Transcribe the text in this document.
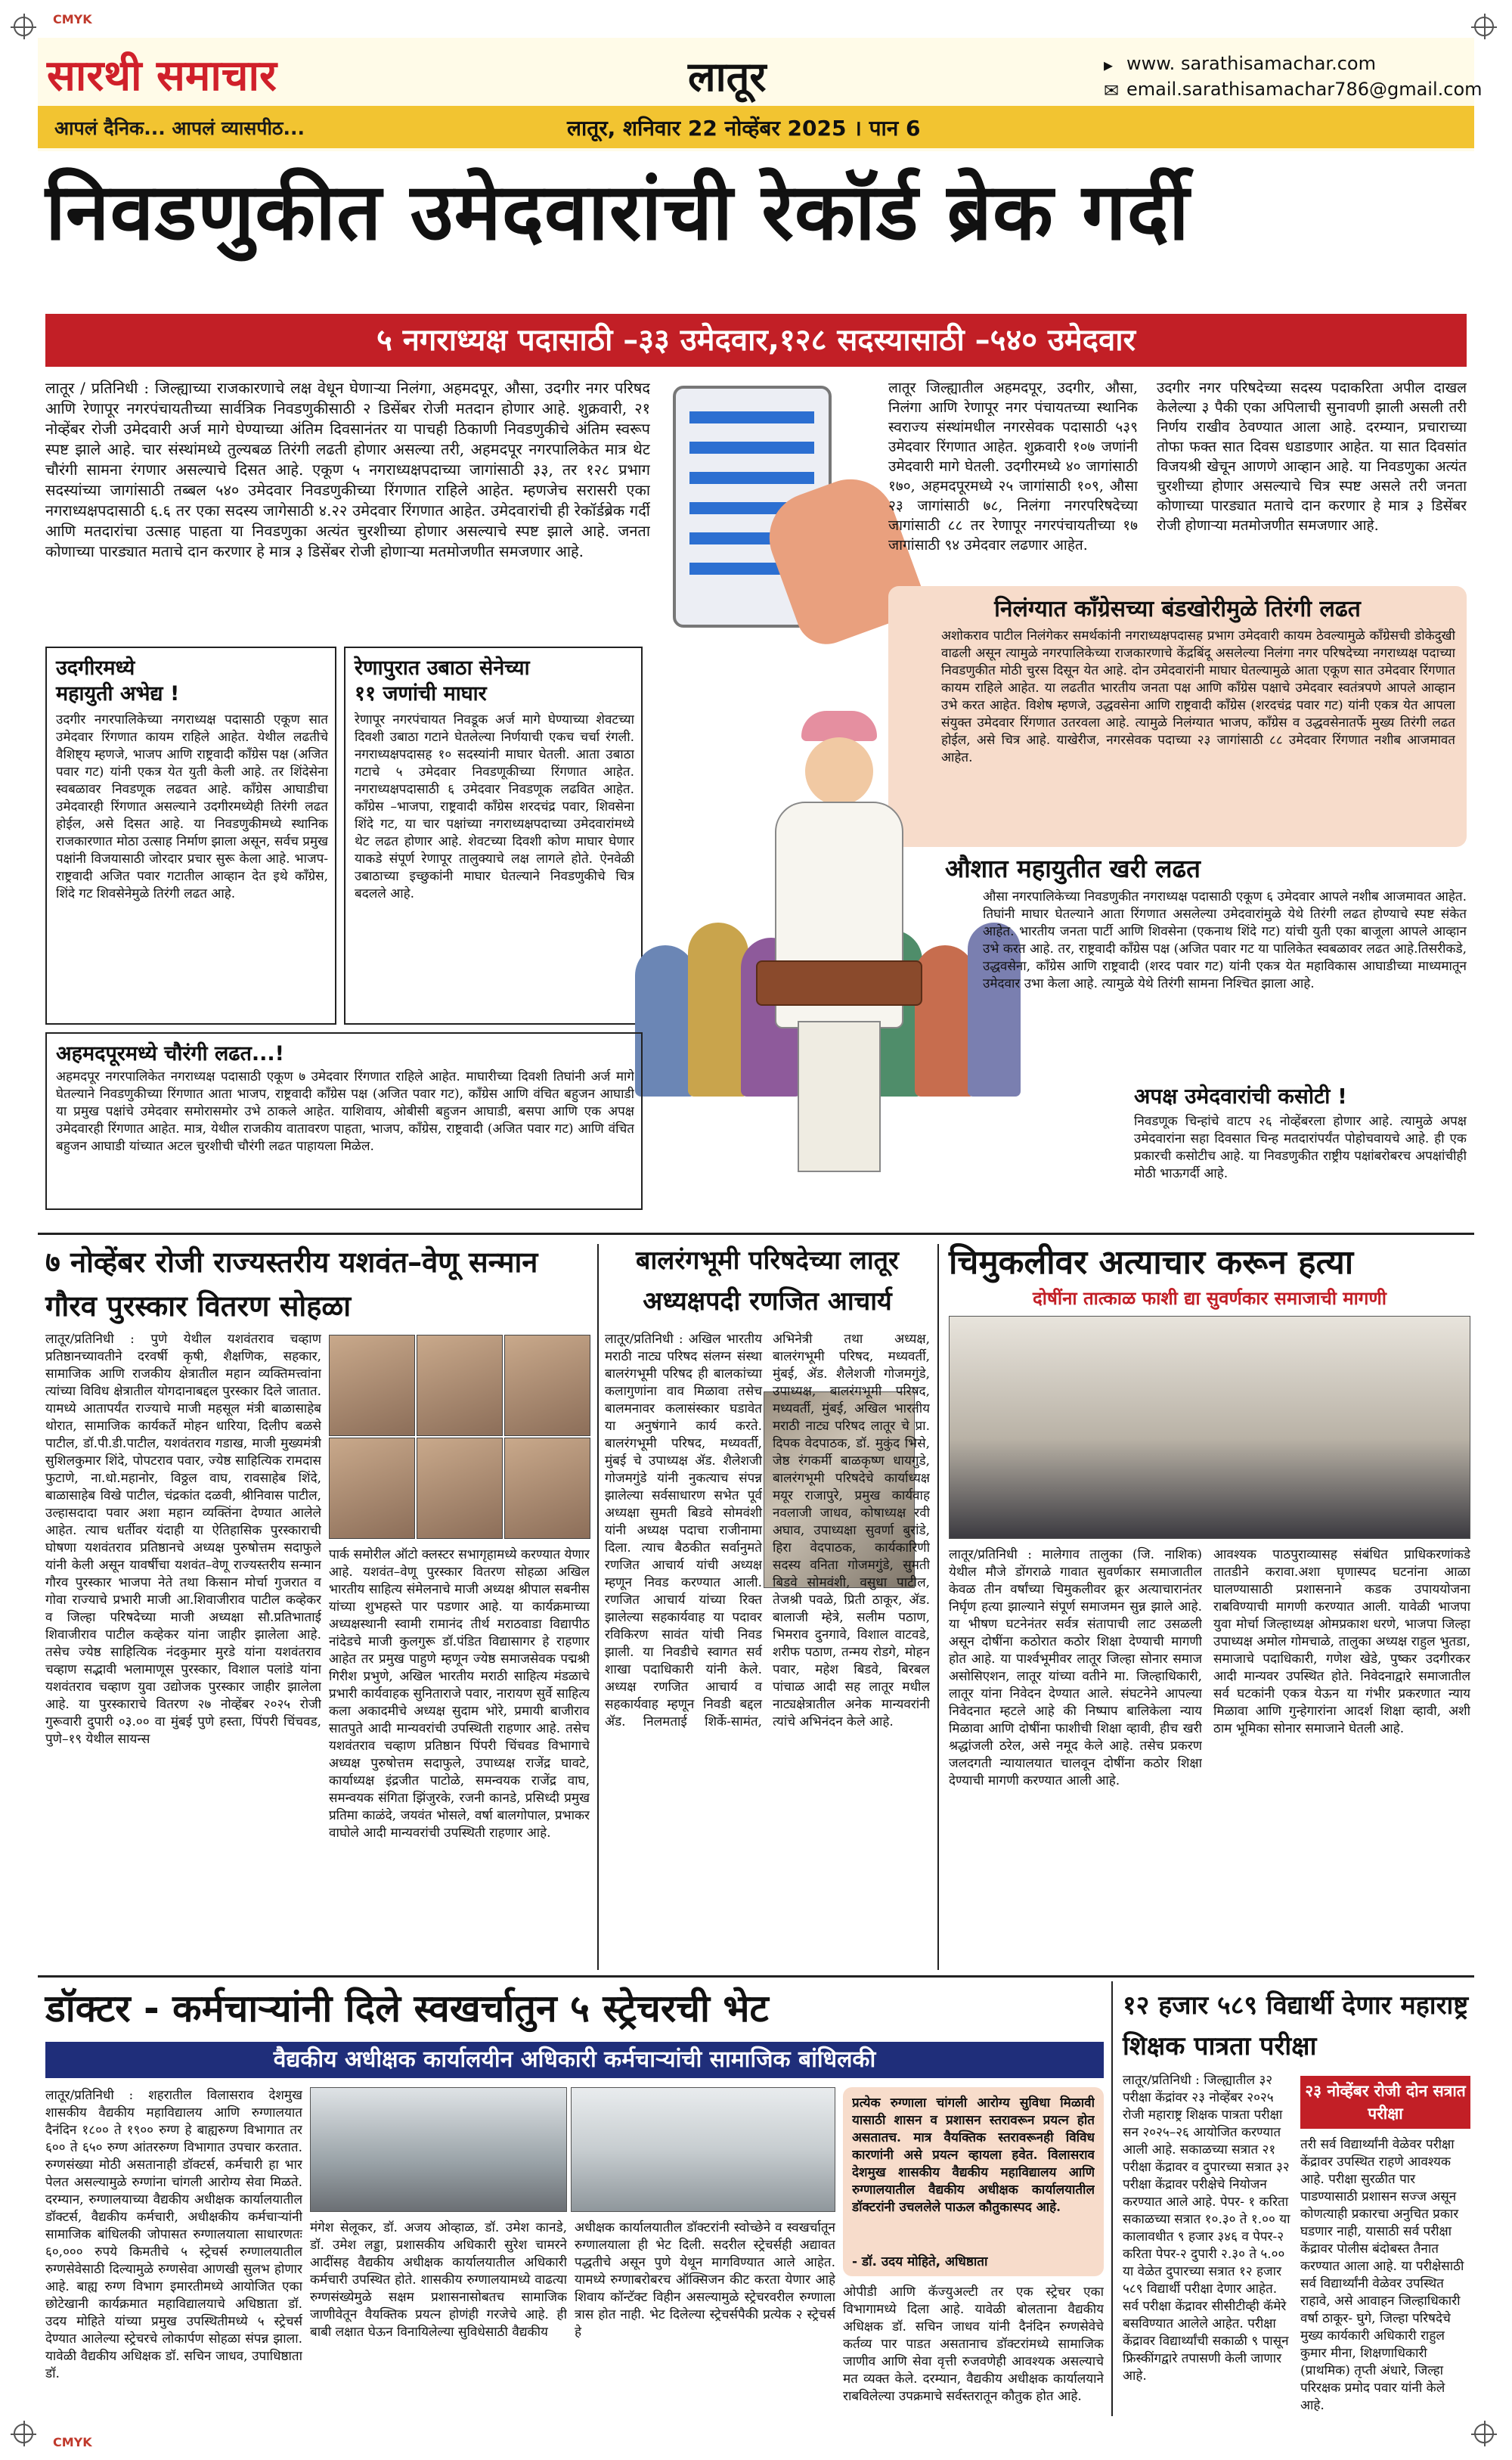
CMYK
CMYK
सारथी समाचार	लातूर	▸ www. sarathisamachar.com
✉ email.sarathisamachar786@gmail.com
आपलं दैनिक... आपलं व्यासपीठ...	लातूर, शनिवार 22 नोव्हेंबर 2025 । पान 6
निवडणुकीत उमेदवारांची रेकॉर्ड ब्रेक गर्दी
५ नगराध्यक्ष पदासाठी –३३ उमेदवार,१२८ सदस्यासाठी –५४० उमेदवार
लातूर / प्रतिनिधी : जिल्ह्याच्या राजकारणाचे लक्ष वेधून घेणाऱ्या निलंगा, अहमदपूर, औसा, उदगीर नगर परिषद आणि रेणापूर नगरपंचायतीच्या सार्वत्रिक निवडणुकीसाठी २ डिसेंबर रोजी मतदान होणार आहे. शुक्रवारी, २१ नोव्हेंबर रोजी उमेदवारी अर्ज मागे घेण्याच्या अंतिम दिवसानंतर या पाचही ठिकाणी निवडणुकीचे अंतिम स्वरूप स्पष्ट झाले आहे. चार संस्थांमध्ये तुल्यबळ तिरंगी लढती होणार असल्या तरी, अहमदपूर नगरपालिकेत मात्र थेट चौरंगी सामना रंगणार असल्याचे दिसत आहे. एकूण ५ नगराध्यक्षपदाच्या जागांसाठी ३३, तर १२८ प्रभाग सदस्यांच्या जागांसाठी तब्बल ५४० उमेदवार निवडणुकीच्या रिंगणात राहिले आहेत. म्हणजेच सरासरी एका नगराध्यक्षपदासाठी ६.६ तर एका सदस्य जागेसाठी ४.२२ उमेदवार रिंगणात आहेत. उमेदवारांची ही रेकॉर्डब्रेक गर्दी आणि मतदारांचा उत्साह पाहता या निवडणुका अत्यंत चुरशीच्या होणार असल्याचे स्पष्ट झाले आहे. जनता कोणाच्या पारड्यात मताचे दान करणार हे मात्र ३ डिसेंबर रोजी होणाऱ्या मतमोजणीत समजणार आहे.
लातूर जिल्ह्यातील अहमदपूर, उदगीर, औसा, निलंगा आणि रेणापूर नगर पंचायतच्या स्थानिक स्वराज्य संस्थांमधील नगरसेवक पदासाठी ५३९ उमेदवार रिंगणात आहेत. शुक्रवारी १०७ जणांनी उमेदवारी मागे घेतली. उदगीरमध्ये ४० जागांसाठी १७०, अहमदपूरमध्ये २५ जागांसाठी १०९, औसा २३ जागांसाठी ७८, निलंगा नगरपरिषदेच्या जागांसाठी ८८ तर रेणापूर नगरपंचायतीच्या १७ जागांसाठी ९४ उमेदवार लढणार आहेत.
उदगीर नगर परिषदेच्या सदस्य पदाकरिता अपील दाखल केलेल्या ३ पैकी एका अपिलाची सुनावणी झाली असली तरी निर्णय राखीव ठेवण्यात आला आहे. दरम्यान, प्रचाराच्या तोफा फक्त सात दिवस धडाडणार आहेत. या सात दिवसांत विजयश्री खेचून आणणे आव्हान आहे. या निवडणुका अत्यंत चुरशीच्या होणार असल्याचे चित्र स्पष्ट असले तरी जनता कोणाच्या पारड्यात मताचे दान करणार हे मात्र ३ डिसेंबर रोजी होणाऱ्या मतमोजणीत समजणार आहे.
निलंग्यात काँग्रेसच्या बंडखोरीमुळे तिरंगी लढत
अशोकराव पाटील निलंगेकर समर्थकांनी नगराध्यक्षपदासह प्रभाग उमेदवारी कायम ठेवल्यामुळे काँग्रेसची डोकेदुखी वाढली असून त्यामुळे नगरपालिकेच्या राजकारणाचे केंद्रबिंदू असलेल्या निलंगा नगर परिषदेच्या नगराध्यक्ष पदाच्या निवडणुकीत मोठी चुरस दिसून येत आहे. दोन उमेदवारांनी माघार घेतल्यामुळे आता एकूण सात उमेदवार रिंगणात कायम राहिले आहेत. या लढतीत भारतीय जनता पक्ष आणि काँग्रेस पक्षाचे उमेदवार स्वतंत्रपणे आपले आव्हान उभे करत आहेत. विशेष म्हणजे, उद्धवसेना आणि राष्ट्रवादी काँग्रेस (शरदचंद्र पवार गट) यांनी एकत्र येत आपला संयुक्त उमेदवार रिंगणात उतरवला आहे. त्यामुळे निलंग्यात भाजप, काँग्रेस व उद्धवसेनातर्फे मुख्य तिरंगी लढत होईल, असे चित्र आहे. याखेरीज, नगरसेवक पदाच्या २३ जागांसाठी ८८ उमेदवार रिंगणात नशीब आजमावत आहेत.
उदगीरमध्ये
महायुती अभेद्य !
उदगीर नगरपालिकेच्या नगराध्यक्ष पदासाठी एकूण सात उमेदवार रिंगणात कायम राहिले आहेत. येथील लढतीचे वैशिष्ट्य म्हणजे, भाजप आणि राष्ट्रवादी काँग्रेस पक्ष (अजित पवार गट) यांनी एकत्र येत युती केली आहे. तर शिंदेसेना स्वबळावर निवडणूक लढवत आहे. काँग्रेस आघाडीचा उमेदवारही रिंगणात असल्याने उदगीरमध्येही तिरंगी लढत होईल, असे दिसत आहे. या निवडणुकीमध्ये स्थानिक राजकारणात मोठा उत्साह निर्माण झाला असून, सर्वच प्रमुख पक्षांनी विजयासाठी जोरदार प्रचार सुरू केला आहे. भाजप-राष्ट्रवादी अजित पवार गटातील आव्हान देत इथे काँग्रेस, शिंदे गट शिवसेनेमुळे तिरंगी लढत आहे.
रेणापुरात उबाठा सेनेच्या
११ जणांची माघार
रेणापूर नगरपंचायत निवडूक अर्ज मागे घेण्याच्या शेवटच्या दिवशी उबाठा गटाने घेतलेल्या निर्णयाची एकच चर्चा रंगली. नगराध्यक्षपदासह १० सदस्यांनी माघार घेतली. आता उबाठा गटाचे ५ उमेदवार निवडणूकीच्या रिंगणात आहेत. नगराध्यक्षपदासाठी ६ उमेदवार निवडणूक लढवित आहेत. काँग्रेस –भाजपा, राष्ट्रवादी काँग्रेस शरदचंद्र पवार, शिवसेना शिंदे गट, या चार पक्षांच्या नगराध्यक्षपदाच्या उमेदवारांमध्ये थेट लढत होणार आहे. शेवटच्या दिवशी कोण माघार घेणार याकडे संपूर्ण रेणापूर तालुक्याचे लक्ष लागले होते. ऐनवेळी उबाठाच्या इच्छुकांनी माघार घेतल्याने निवडणुकीचे चित्र बदलले आहे.
औशात महायुतीत खरी लढत
औसा नगरपालिकेच्या निवडणुकीत नगराध्यक्ष पदासाठी एकूण ६ उमेदवार आपले नशीब आजमावत आहेत. तिघांनी माघार घेतल्याने आता रिंगणात असलेल्या उमेदवारांमुळे येथे तिरंगी लढत होण्याचे स्पष्ट संकेत आहेत. भारतीय जनता पार्टी आणि शिवसेना (एकनाथ शिंदे गट) यांची युती एका बाजूला आपले आव्हान उभे करत आहे. तर, राष्ट्रवादी काँग्रेस पक्ष (अजित पवार गट या पालिकेत स्वबळावर लढत आहे.तिसरीकडे, उद्धवसेना, काँग्रेस आणि राष्ट्रवादी (शरद पवार गट) यांनी एकत्र येत महाविकास आघाडीच्या माध्यमातून उमेदवार उभा केला आहे. त्यामुळे येथे तिरंगी सामना निश्चित झाला आहे.
अहमदपूरमध्ये चौरंगी लढत...!
अहमदपूर नगरपालिकेत नगराध्यक्ष पदासाठी एकूण ७ उमेदवार रिंगणात राहिले आहेत. माघारीच्या दिवशी तिघांनी अर्ज मागे घेतल्याने निवडणुकीच्या रिंगणात आता भाजप, राष्ट्रवादी काँग्रेस पक्ष (अजित पवार गट), काँग्रेस आणि वंचित बहुजन आघाडी या प्रमुख पक्षांचे उमेदवार समोरासमोर उभे ठाकले आहेत. याशिवाय, ओबीसी बहुजन आघाडी, बसपा आणि एक अपक्ष उमेदवारही रिंगणात आहेत. मात्र, येथील राजकीय वातावरण पाहता, भाजप, काँग्रेस, राष्ट्रवादी (अजित पवार गट) आणि वंचित बहुजन आघाडी यांच्यात अटल चुरशीची चौरंगी लढत पाहायला मिळेल.
अपक्ष उमेदवारांची कसोटी !
निवडणूक चिन्हांचे वाटप २६ नोव्हेंबरला होणार आहे. त्यामुळे अपक्ष उमेदवारांना सहा दिवसात चिन्ह मतदारांपर्यंत पोहोचवायचे आहे. ही एक प्रकारची कसोटीच आहे. या निवडणुकीत राष्ट्रीय पक्षांबरोबरच अपक्षांचीही मोठी भाऊगर्दी आहे.
७ नोव्हेंबर रोजी राज्यस्तरीय यशवंत–वेणू सन्मान गौरव पुरस्कार वितरण सोहळा
लातूर/प्रतिनिधी : पुणे येथील यशवंतराव चव्हाण प्रतिष्ठानच्यावतीने दरवर्षी कृषी, शैक्षणिक, सहकार, सामाजिक आणि राजकीय क्षेत्रातील महान व्यक्तिमत्त्वांना त्यांच्या विविध क्षेत्रातील योगदानाबद्दल पुरस्कार दिले जातात. यामध्ये आतापर्यंत राज्याचे माजी महसूल मंत्री बाळासाहेब थोरात, सामाजिक कार्यकर्ते मोहन धारिया, दिलीप बळसे पाटील, डॉ.पी.डी.पाटील, यशवंतराव गडाख, माजी मुख्यमंत्री सुशिलकुमार शिंदे, पोपटराव पवार, ज्येष्ठ साहित्यिक रामदास फुटाणे, ना.धो.महानोर, विठ्ठल वाघ, रावसाहेब शिंदे, बाळासाहेब विखे पाटील, चंद्रकांत दळवी, श्रीनिवास पाटील, उल्हासदादा पवार अशा महान व्यक्तिंना देण्यात आलेले आहेत. त्याच धर्तीवर यंदाही या ऐतिहासिक पुरस्काराची घोषणा यशवंतराव प्रतिष्ठानचे अध्यक्ष पुरुषोत्तम सदाफुले यांनी केली असून यावर्षीचा यशवंत–वेणू राज्यस्तरीय सन्मान गौरव पुरस्कार भाजपा नेते तथा किसान मोर्चा गुजरात व गोवा राज्याचे प्रभारी माजी आ.शिवाजीराव पाटील कव्हेकर व जिल्हा परिषदेच्या माजी अध्यक्षा सौ.प्रतिभाताई शिवाजीराव पाटील कव्हेकर यांना जाहीर झालेला आहे. तसेच ज्येष्ठ साहित्यिक नंदकुमार मुरडे यांना यशवंतराव चव्हाण सद्भावी भलामाणूस पुरस्कार, विशाल पलांडे यांना यशवंतराव चव्हाण युवा उद्योजक पुरस्कार जाहीर झालेला आहे. या पुरस्काराचे वितरण २७ नोव्हेंबर २०२५ रोजी गुरूवारी दुपारी ०३.०० वा मुंबई पुणे हस्ता, पिंपरी चिंचवड, पुणे–१९ येथील सायन्स
पार्क समोरील ऑटो क्लस्टर सभागृहामध्ये करण्यात येणार आहे. यशवंत–वेणू पुरस्कार वितरण सोहळा अखिल भारतीय साहित्य संमेलनाचे माजी अध्यक्ष श्रीपाल सबनीस यांच्या शुभहस्ते पार पडणार आहे. या कार्यक्रमाच्या अध्यक्षस्थानी स्वामी रामानंद तीर्थ मराठवाडा विद्यापीठ नांदेडचे माजी कुलगुरू डॉ.पंडित विद्यासागर हे राहणार आहेत तर प्रमुख पाहुणे म्हणून ज्येष्ठ समाजसेवक पद्मश्री गिरीश प्रभुणे, अखिल भारतीय मराठी साहित्य मंडळाचे प्रभारी कार्यवाहक सुनिताराजे पवार, नारायण सुर्वे साहित्य कला अकादमीचे अध्यक्ष सुदाम भोरे, प्रमायी बाजीराव सातपुते आदी मान्यवरांची उपस्थिती राहणार आहे. तसेच यशवंतराव चव्हाण प्रतिष्ठान पिंपरी चिंचवड विभागाचे अध्यक्ष पुरुषोत्तम सदाफुले, उपाध्यक्ष राजेंद्र घावटे, कार्याध्यक्ष इंद्रजीत पाटोळे, समन्वयक राजेंद्र वाघ, समन्वयक संगिता झिंजुरके, रजनी कानडे, प्रसिध्दी प्रमुख प्रतिमा काळंदे, जयवंत भोसले, वर्षा बालगोपाल, प्रभाकर वाघोले आदी मान्यवरांची उपस्थिती राहणार आहे.
बालरंगभूमी परिषदेच्या लातूर अध्यक्षपदी रणजित आचार्य
लातूर/प्रतिनिधी : अखिल भारतीय मराठी नाट्य परिषद संलग्न संस्था बालरंगभूमी परिषद ही बालकांच्या कलागुणांना वाव मिळावा तसेच बालमनावर कलासंस्कार घडावेत या अनुषंगाने कार्य करते. बालरंगभूमी परिषद, मध्यवर्ती, मुंबई चे उपाध्यक्ष ॲड. शैलेशजी गोजमगुंडे यांनी नुकत्याच संपन्न झालेल्या सर्वसाधारण सभेत पूर्व अध्यक्षा सुमती बिडवे सोमवंशी यांनी अध्यक्ष पदाचा राजीनामा दिला. त्याच बैठकीत सर्वानुमते रणजित आचार्य यांची अध्यक्ष म्हणून निवड करण्यात आली. रणजित आचार्य यांच्या रिक्त झालेल्या सहकार्यवाह या पदावर रविकिरण सावंत यांची निवड झाली. या निवडीचे स्वागत सर्व शाखा पदाधिकारी यांनी केले. अध्यक्ष रणजित आचार्य व सहकार्यवाह म्हणून निवडी बद्दल ॲड. निलमताई शिर्के-सामंत, अभिनेत्री तथा अध्यक्ष, बालरंगभूमी परिषद, मध्यवर्ती, मुंबई, ॲड. शैलेशजी गोजमगुंडे, उपाध्यक्ष, बालरंगभूमी परिषद, मध्यवर्ती, मुंबई, अखिल भारतीय मराठी नाट्य परिषद लातूर चे प्रा. दिपक वेदपाठक, डॉ. मुकुंद भिसे, जेष्ठ रंगकर्मी बाळकृष्ण धायगुडे, बालरंगभूमी परिषदेचे कार्याध्यक्ष मयूर राजापुरे, प्रमुख कार्यवाह नवलाजी जाधव, कोषाध्यक्ष रवी अघाव, उपाध्यक्षा सुवर्णा बुरांडे, हिरा वेदपाठक, कार्यकारिणी सदस्य वनिता गोजमगुंडे, सुमती बिडवे सोमवंशी, वसुधा पाटील, तेजश्री पवळे, प्रिती ठाकूर, ॲड. बालाजी म्हेत्रे, सलीम पठाण, भिमराव दुनगावे, विशाल वाटवडे, शरीफ पठाण, तन्मय रोडगे, मोहन पवार, महेश बिडवे, बिरबल पांचाळ आदी सह लातूर मधील नाट्यक्षेत्रातील अनेक मान्यवरांनी त्यांचे अभिनंदन केले आहे.
चिमुकलीवर अत्याचार करून हत्या
दोषींना तात्काळ फाशी द्या सुवर्णकार समाजाची मागणी
लातूर/प्रतिनिधी : मालेगाव तालुका (जि. नाशिक) येथील मौजे डोंगराळे गावात सुवर्णकार समाजातील केवळ तीन वर्षांच्या चिमुकलीवर क्रूर अत्याचारानंतर निर्घृण हत्या झाल्याने संपूर्ण समाजमन सुन्न झाले आहे. या भीषण घटनेनंतर सर्वत्र संतापाची लाट उसळली असून दोषींना कठोरात कठोर शिक्षा देण्याची मागणी होत आहे. या पार्श्वभूमीवर लातूर जिल्हा सोनार समाज असोसिएशन, लातूर यांच्या वतीने मा. जिल्हाधिकारी, लातूर यांना निवेदन देण्यात आले. संघटनेने आपल्या निवेदनात म्हटले आहे की निष्पाप बालिकेला न्याय मिळावा आणि दोषींना फाशीची शिक्षा व्हावी, हीच खरी श्रद्धांजली ठरेल, असे नमूद केले आहे. तसेच प्रकरण जलदगती न्यायालयात चालवून दोषींना कठोर शिक्षा देण्याची मागणी करण्यात आली आहे.
आवश्यक पाठपुराव्यासह संबंधित प्राधिकरणांकडे तातडीने करावा.अशा घृणास्पद घटनांना आळा घालण्यासाठी प्रशासनाने कडक उपाययोजना राबविण्याची मागणी करण्यात आली. यावेळी भाजपा युवा मोर्चा जिल्हाध्यक्ष ओमप्रकाश धरणे, भाजपा जिल्हा उपाध्यक्ष अमोल गोमचाळे, तालुका अध्यक्ष राहुल भुतडा, समाजाचे पदाधिकारी, गणेश खेडे, पुष्कर उदगीरकर आदी मान्यवर उपस्थित होते. निवेदनाद्वारे समाजातील सर्व घटकांनी एकत्र येऊन या गंभीर प्रकरणात न्याय मिळावा आणि गुन्हेगारांना आदर्श शिक्षा व्हावी, अशी ठाम भूमिका सोनार समाजाने घेतली आहे.
डॉक्टर - कर्मचाऱ्यांनी दिले स्वखर्चातुन ५ स्ट्रेचरची भेट
वैद्यकीय अधीक्षक कार्यालयीन अधिकारी कर्मचाऱ्यांची सामाजिक बांधिलकी
लातूर/प्रतिनिधी : शहरातील विलासराव देशमुख शासकीय वैद्यकीय महाविद्यालय आणि रुग्णालयात दैनंदिन १८०० ते १९०० रुग्ण हे बाह्यरुग्ण विभागात तर ६०० ते ६५० रुग्ण आंतररुग्ण विभागात उपचार करतात. रुग्णसंख्या मोठी असतानाही डॉक्टर्स, कर्मचारी हा भार पेलत असल्यामुळे रुग्णांना चांगली आरोग्य सेवा मिळते. दरम्यान, रुग्णालयाच्या वैद्यकीय अधीक्षक कार्यालयातील डॉक्टर्स, वैद्यकीय कर्मचारी, अधीक्षकीय कर्मचाऱ्यांनी सामाजिक बांधिलकी जोपासत रुग्णालयाला साधारणतः ६०,००० रुपये किमतीचे ५ स्ट्रेचर्स रुग्णालयातील रुग्णसेवेसाठी दिल्यामुळे रुग्णसेवा आणखी सुलभ होणार आहे. बाह्य रुग्ण विभाग इमारतीमध्ये आयोजित एका छोटेखानी कार्यक्रमात महाविद्यालयाचे अधिष्ठाता डॉ. उदय मोहिते यांच्या प्रमुख उपस्थितीमध्ये ५ स्ट्रेचर्स देण्यात आलेल्या स्ट्रेचरचे लोकार्पण सोहळा संपन्न झाला. यावेळी वैद्यकीय अधिक्षक डॉ. सचिन जाधव, उपाधिष्ठाता डॉ.
मंगेश सेलूकर, डॉ. अजय ओव्हाळ, डॉ. उमेश कानडे, डॉ. उमेश लड्डा, प्रशासकीय अधिकारी सुरेश चामरने आदींसह वैद्यकीय अधीक्षक कार्यालयातील अधिकारी कर्मचारी उपस्थित होते. शासकीय रुग्णालयामध्ये वाढत्या रुग्णसंख्येमुळे सक्षम प्रशासनासोबतच सामाजिक जाणीवेतून वैयक्तिक प्रयत्न होणंही गरजेचे आहे. ही बाबी लक्षात घेऊन विनायिलेल्या सुविधेसाठी वैद्यकीय
अधीक्षक कार्यालयातील डॉक्टरांनी स्वोच्छेने व स्वखर्चातून रुग्णालयाला ही भेट दिली. सदरील स्ट्रेचर्सही अद्यावत पद्धतीचे असून पुणे येथून मागविण्यात आले आहेत. यामध्ये रुग्णाबरोबरच ऑक्सिजन कीट करता येणार आहे शिवाय कॉन्टॅक्ट विहीन असल्यामुळे स्ट्रेचरवरील रुग्णाला त्रास होत नाही. भेट दिलेल्या स्ट्रेचर्सपैकी प्रत्येक २ स्ट्रेचर्स हे
प्रत्येक रुग्णाला चांगली आरोग्य सुविधा मिळावी यासाठी शासन व प्रशासन स्तरावरून प्रयत्न होत असतातच. मात्र वैयक्तिक स्तरावरूनही विविध कारणांनी असे प्रयत्न व्हायला हवेत. विलासराव देशमुख शासकीय वैद्यकीय महाविद्यालय आणि रुग्णालयातील वैद्यकीय अधीक्षक कार्यालयातील डॉक्टरांनी उचललेले पाऊल कौतुकास्पद आहे.
- डॉ. उदय मोहिते, अधिष्ठाता
ओपीडी आणि कॅज्युअल्टी तर एक स्ट्रेचर एका विभागामध्ये दिला आहे. यावेळी बोलताना वैद्यकीय अधिक्षक डॉ. सचिन जाधव यांनी दैनंदिन रुग्णसेवेचे कर्तव्य पार पाडत असतानाच डॉक्टरांमध्ये सामाजिक जाणीव आणि सेवा वृत्ती रुजवणेही आवश्यक असल्याचे मत व्यक्त केले. दरम्यान, वैद्यकीय अधीक्षक कार्यालयाने राबविलेल्या उपक्रमाचे सर्वस्तरातून कौतुक होत आहे.
१२ हजार ५८९ विद्यार्थी देणार महाराष्ट्र शिक्षक पात्रता परीक्षा
लातूर/प्रतिनिधी : जिल्ह्यातील ३२ परीक्षा केंद्रांवर २३ नोव्हेंबर २०२५ रोजी महाराष्ट्र शिक्षक पात्रता परीक्षा सन २०२५–२६ आयोजित करण्यात आली आहे. सकाळच्या सत्रात २१ परीक्षा केंद्रावर व दुपारच्या सत्रात ३२ परीक्षा केंद्रावर परीक्षेचे नियोजन करण्यात आले आहे. पेपर- १ करिता सकाळच्या सत्रात १०.३० ते १.०० या कालावधीत ९ हजार ३४६ व पेपर-२ करिता पेपर-२ दुपारी २.३० ते ५.०० या वेळेत दुपारच्या सत्रात १२ हजार ५८९ विद्यार्थी परीक्षा देणार आहेत. सर्व परीक्षा केंद्रावर सीसीटीव्ही कॅमेरे बसविण्यात आलेले आहेत. परीक्षा केंद्रावर विद्यार्थ्यांची सकाळी ९ पासून फ्रिस्कींगद्वारे तपासणी केली जाणार आहे.
२३ नोव्हेंबर रोजी दोन सत्रात परीक्षा
तरी सर्व विद्यार्थ्यांनी वेळेवर परीक्षा केंद्रावर उपस्थित राहणे आवश्यक आहे. परीक्षा सुरळीत पार पाडण्यासाठी प्रशासन सज्ज असून कोणत्याही प्रकारचा अनुचित प्रकार घडणार नाही, यासाठी सर्व परीक्षा केंद्रावर पोलीस बंदोबस्त तैनात करण्यात आला आहे. या परीक्षेसाठी सर्व विद्यार्थ्यांनी वेळेवर उपस्थित राहावे, असे आवाहन जिल्हाधिकारी वर्षा ठाकूर- घुगे, जिल्हा परिषदेचे मुख्य कार्यकारी अधिकारी राहुल कुमार मीना, शिक्षणाधिकारी (प्राथमिक) तृप्ती अंधारे, जिल्हा परिरक्षक प्रमोद पवार यांनी केले आहे.
